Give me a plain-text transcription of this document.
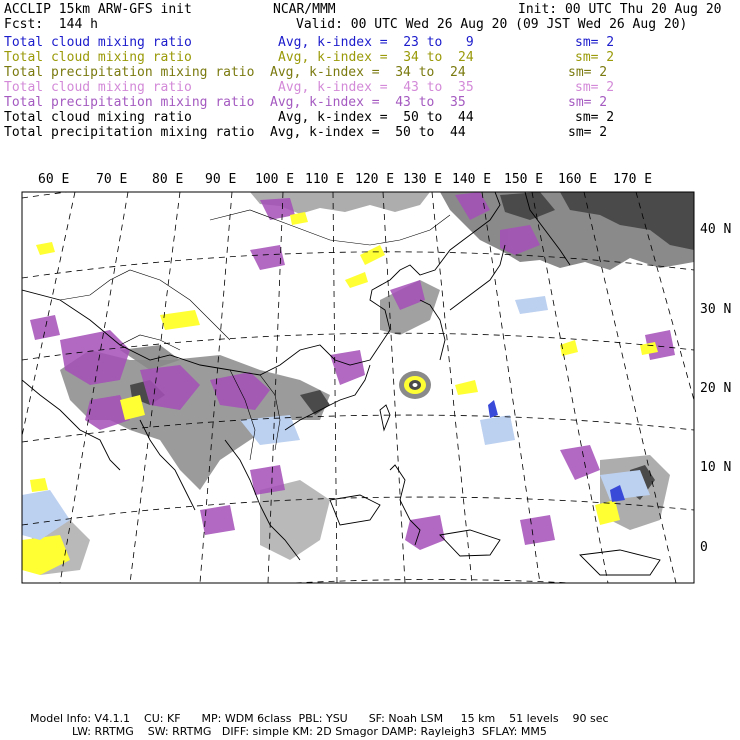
ACCLIP 15km ARW-GFS init	NCAR/MMM	Init: 00 UTC Thu 20 Aug 20
Fcst:  144 h	Valid: 00 UTC Wed 26 Aug 20 (09 JST Wed 26 Aug 20)
Total cloud mixing ratio	Avg, k-index =  23 to   9	sm= 2
Total cloud mixing ratio	Avg, k-index =  34 to  24	sm= 2
Total precipitation mixing ratio Avg, k-index =  34 to  24	sm= 2
Total cloud mixing ratio	Avg, k-index =  43 to  35	sm= 2
Total precipitation mixing ratio Avg, k-index =  43 to  35	sm= 2
Total cloud mixing ratio	Avg, k-index =  50 to  44	sm= 2
Total precipitation mixing ratio Avg, k-index =  50 to  44	sm= 2
60 E 70 E 80 E 90 E 100 E 110 E 120 E 130 E 140 E 150 E 160 E 170 E
40 N
30 N
20 N
10 N
0
Model Info: V4.1.1    CU: KF      MP: WDM 6class  PBL: YSU      SF: Noah LSM     15 km    51 levels    90 sec
LW: RRTMG    SW: RRTMG   DIFF: simple KM: 2D Smagor DAMP: Rayleigh3  SFLAY: MM5
